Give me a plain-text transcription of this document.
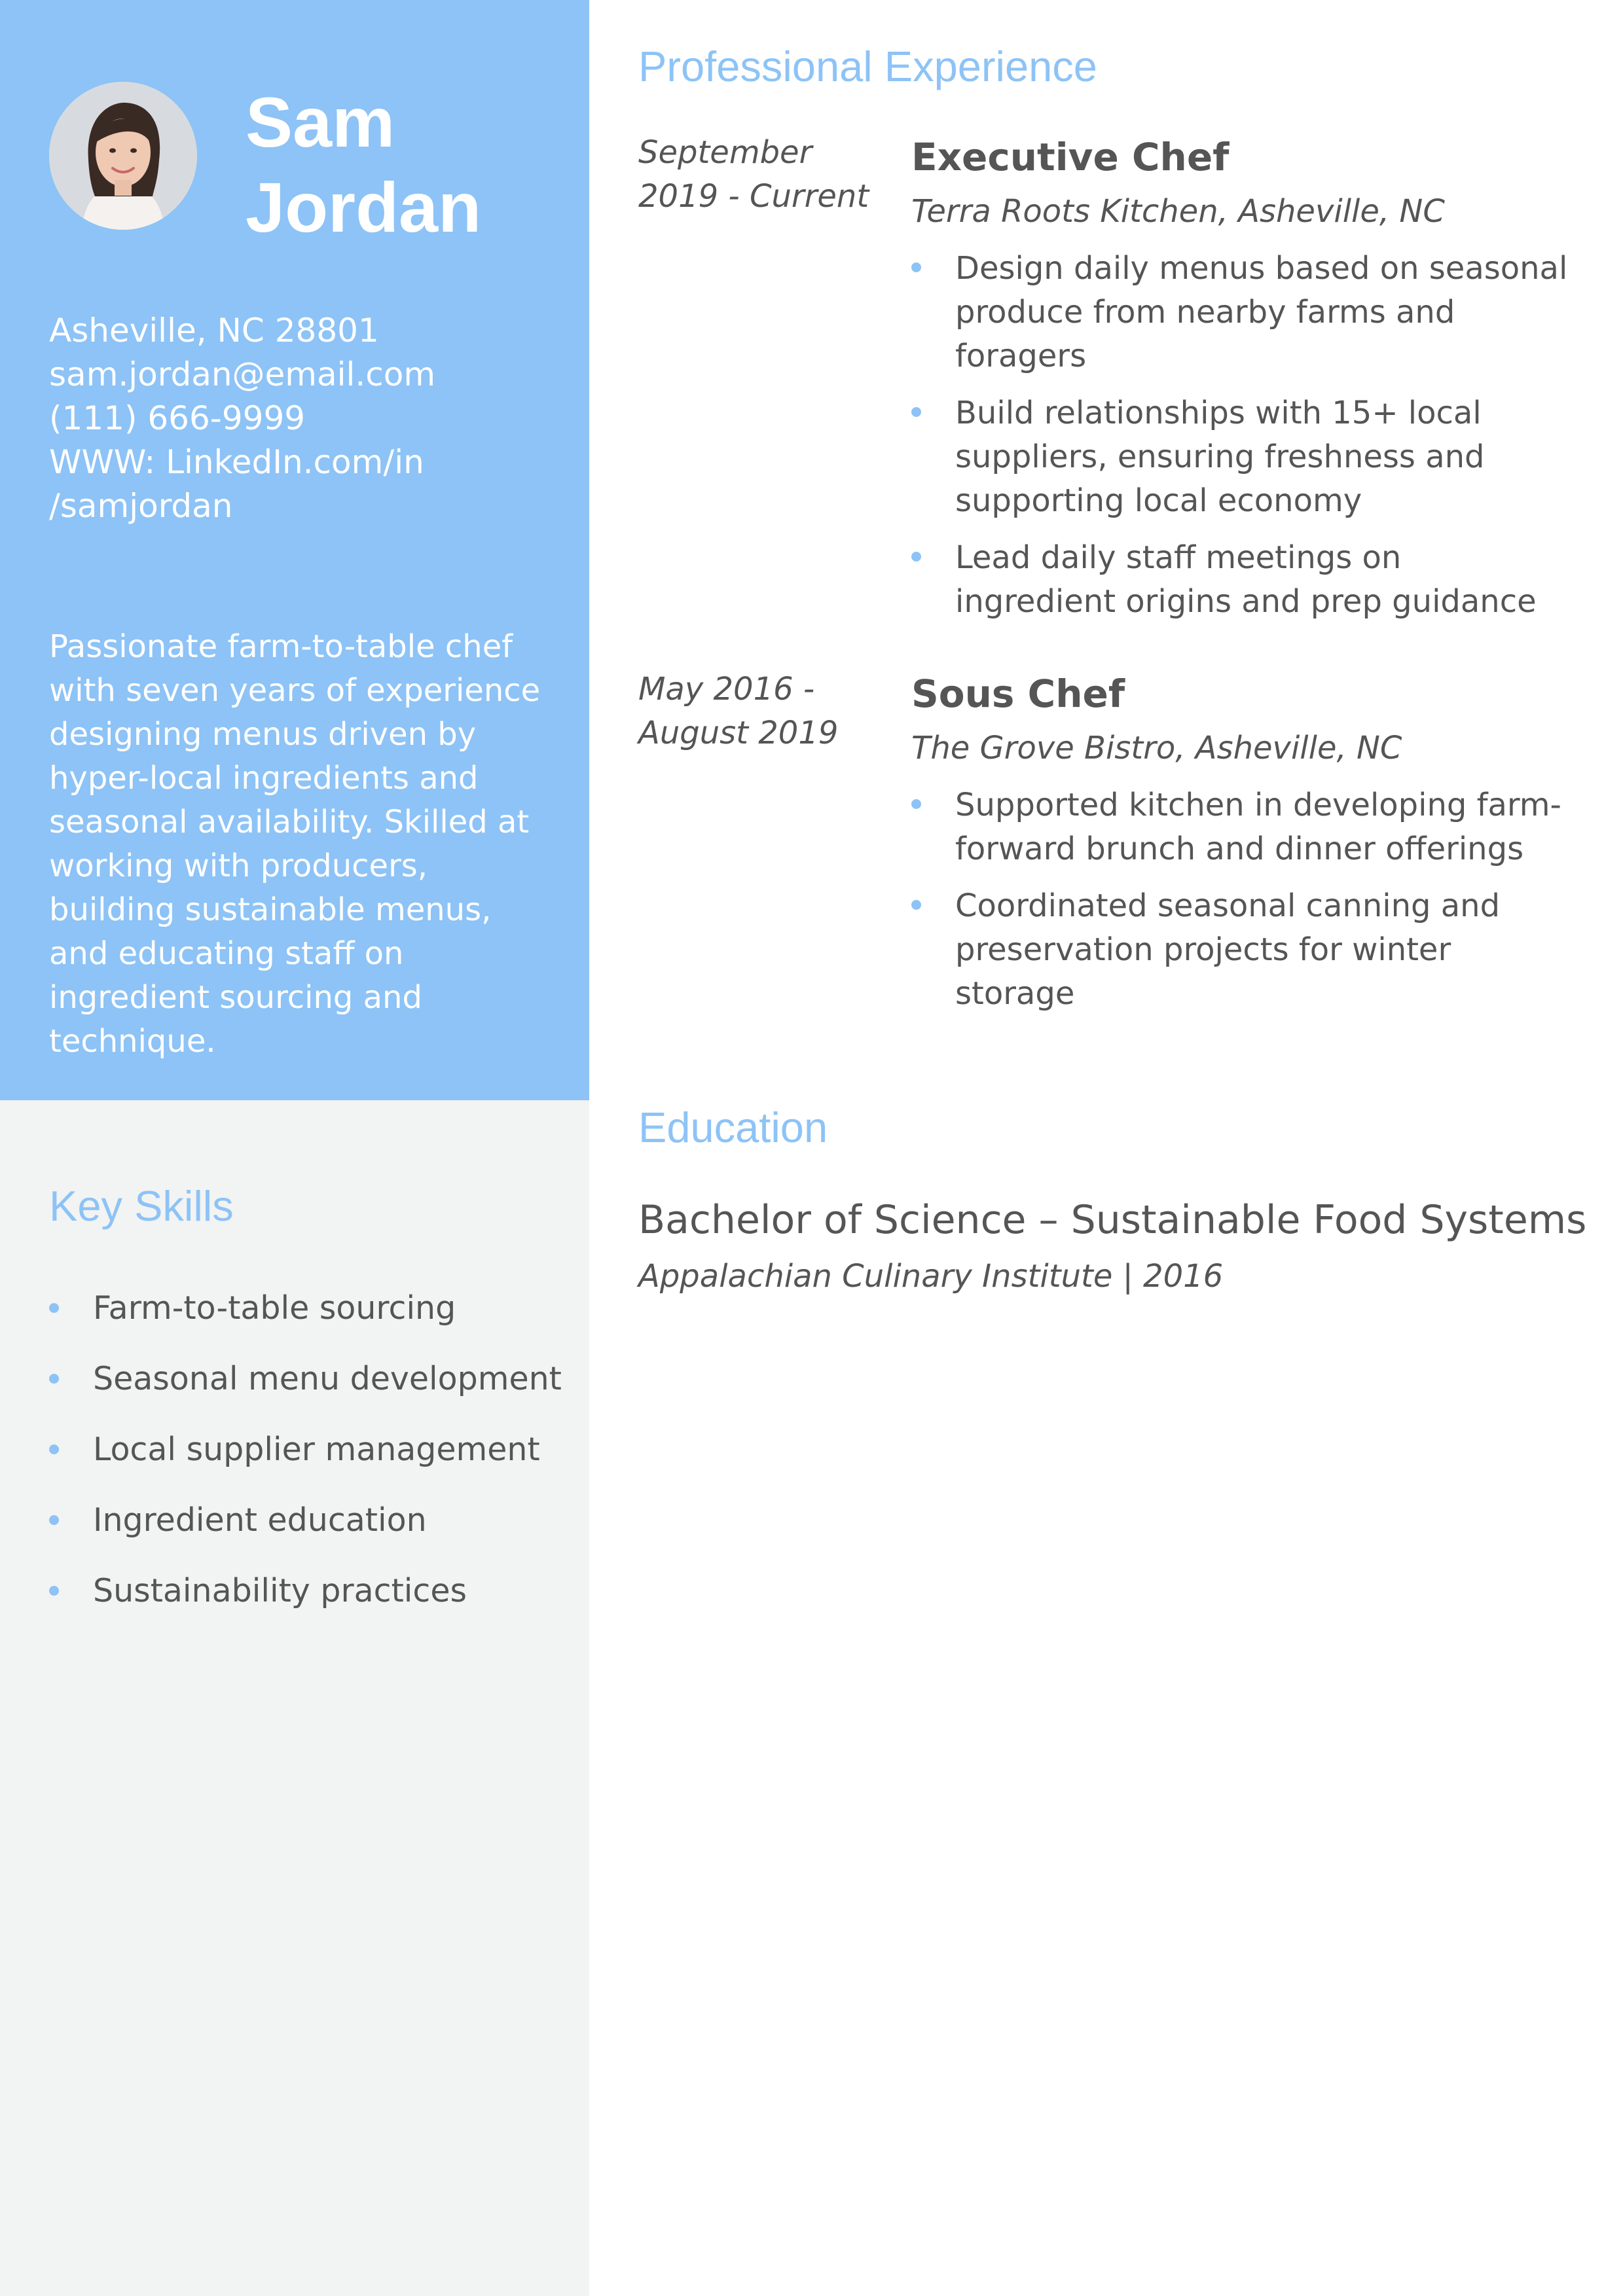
Sam
Jordan
Asheville, NC 28801
sam.jordan@email.com
(111) 666-9999
WWW: LinkedIn.com/in
/samjordan
Passionate farm-to-table chef with seven years of experience designing menus driven by hyper-local ingredients and seasonal availability. Skilled at working with producers, building sustainable menus, and educating staff on ingredient sourcing and technique.
Key Skills
Farm-to-table sourcing
Seasonal menu development
Local supplier management
Ingredient education
Sustainability practices
Professional Experience
September 2019 - Current
Executive Chef
Terra Roots Kitchen, Asheville, NC
Design daily menus based on seasonal produce from nearby farms and foragers
Build relationships with 15+ local suppliers, ensuring freshness and supporting local economy
Lead daily staff meetings on ingredient origins and prep guidance
May 2016 - August 2019
Sous Chef
The Grove Bistro, Asheville, NC
Supported kitchen in developing farm-forward brunch and dinner offerings
Coordinated seasonal canning and preservation projects for winter storage
Education
Bachelor of Science – Sustainable Food Systems
Appalachian Culinary Institute | 2016
